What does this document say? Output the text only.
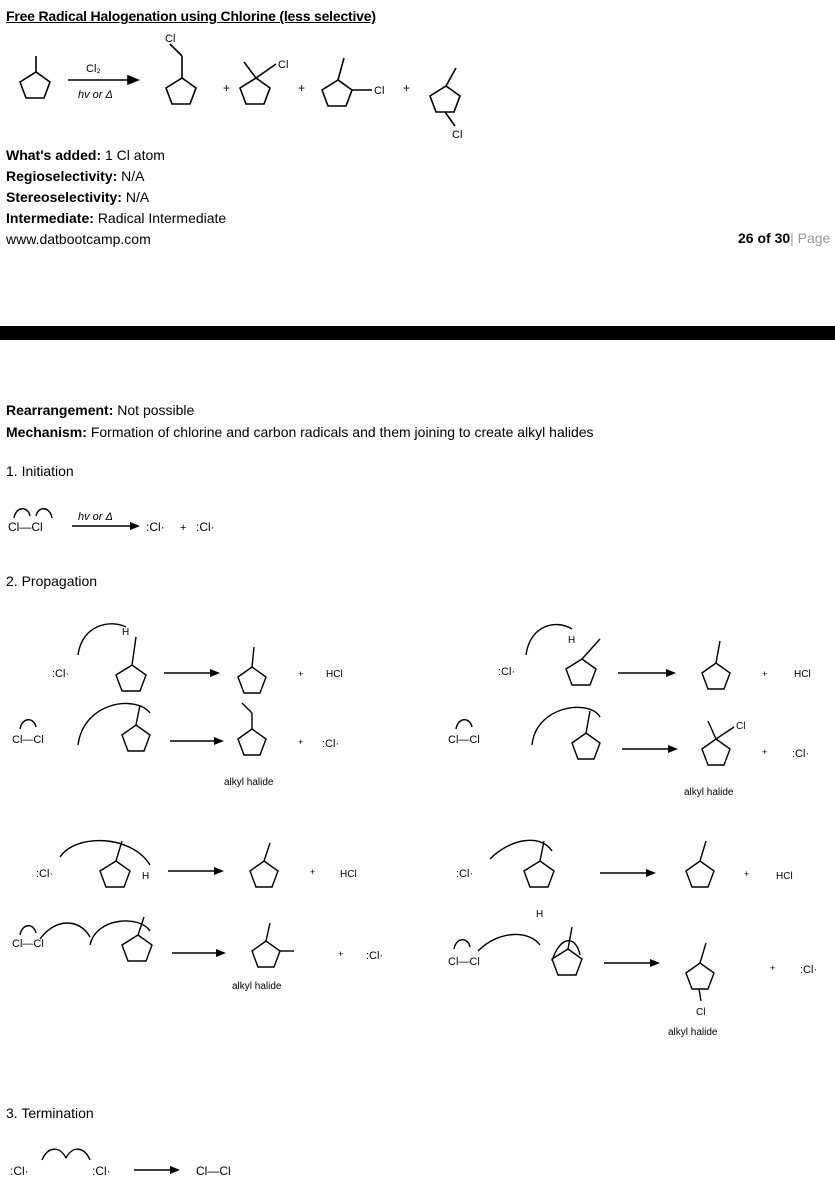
Free Radical Halogenation using Chlorine (less selective)
Cl₂
hv or Δ
Cl
+
Cl
+	Cl +
Cl
What's added: 1 Cl atom
Regioselectivity: N/A
Stereoselectivity: N/A
Intermediate: Radical Intermediate
www.datbootcamp.com	26 of 30| Page
Rearrangement: Not possible
Mechanism: Formation of chlorine and carbon radicals and them joining to create alkyl halides
1. Initiation
Cl—Cl
hv or Δ
:Cl· + :Cl·
2. Propagation
:Cl·
H
+ HCl	:Cl·
H
+	HCl
Cl—Cl	+ :Cl·
alkyl halide
Cl—Cl
Cl
+ :Cl·
alkyl halide
:Cl·	H	+ HCl	:Cl·
H
+	HCl
Cl—Cl
+ :Cl·
alkyl halide
Cl—Cl
Cl
+ :Cl·
alkyl halide
3. Termination
:Cl·	:Cl·	Cl—Cl
